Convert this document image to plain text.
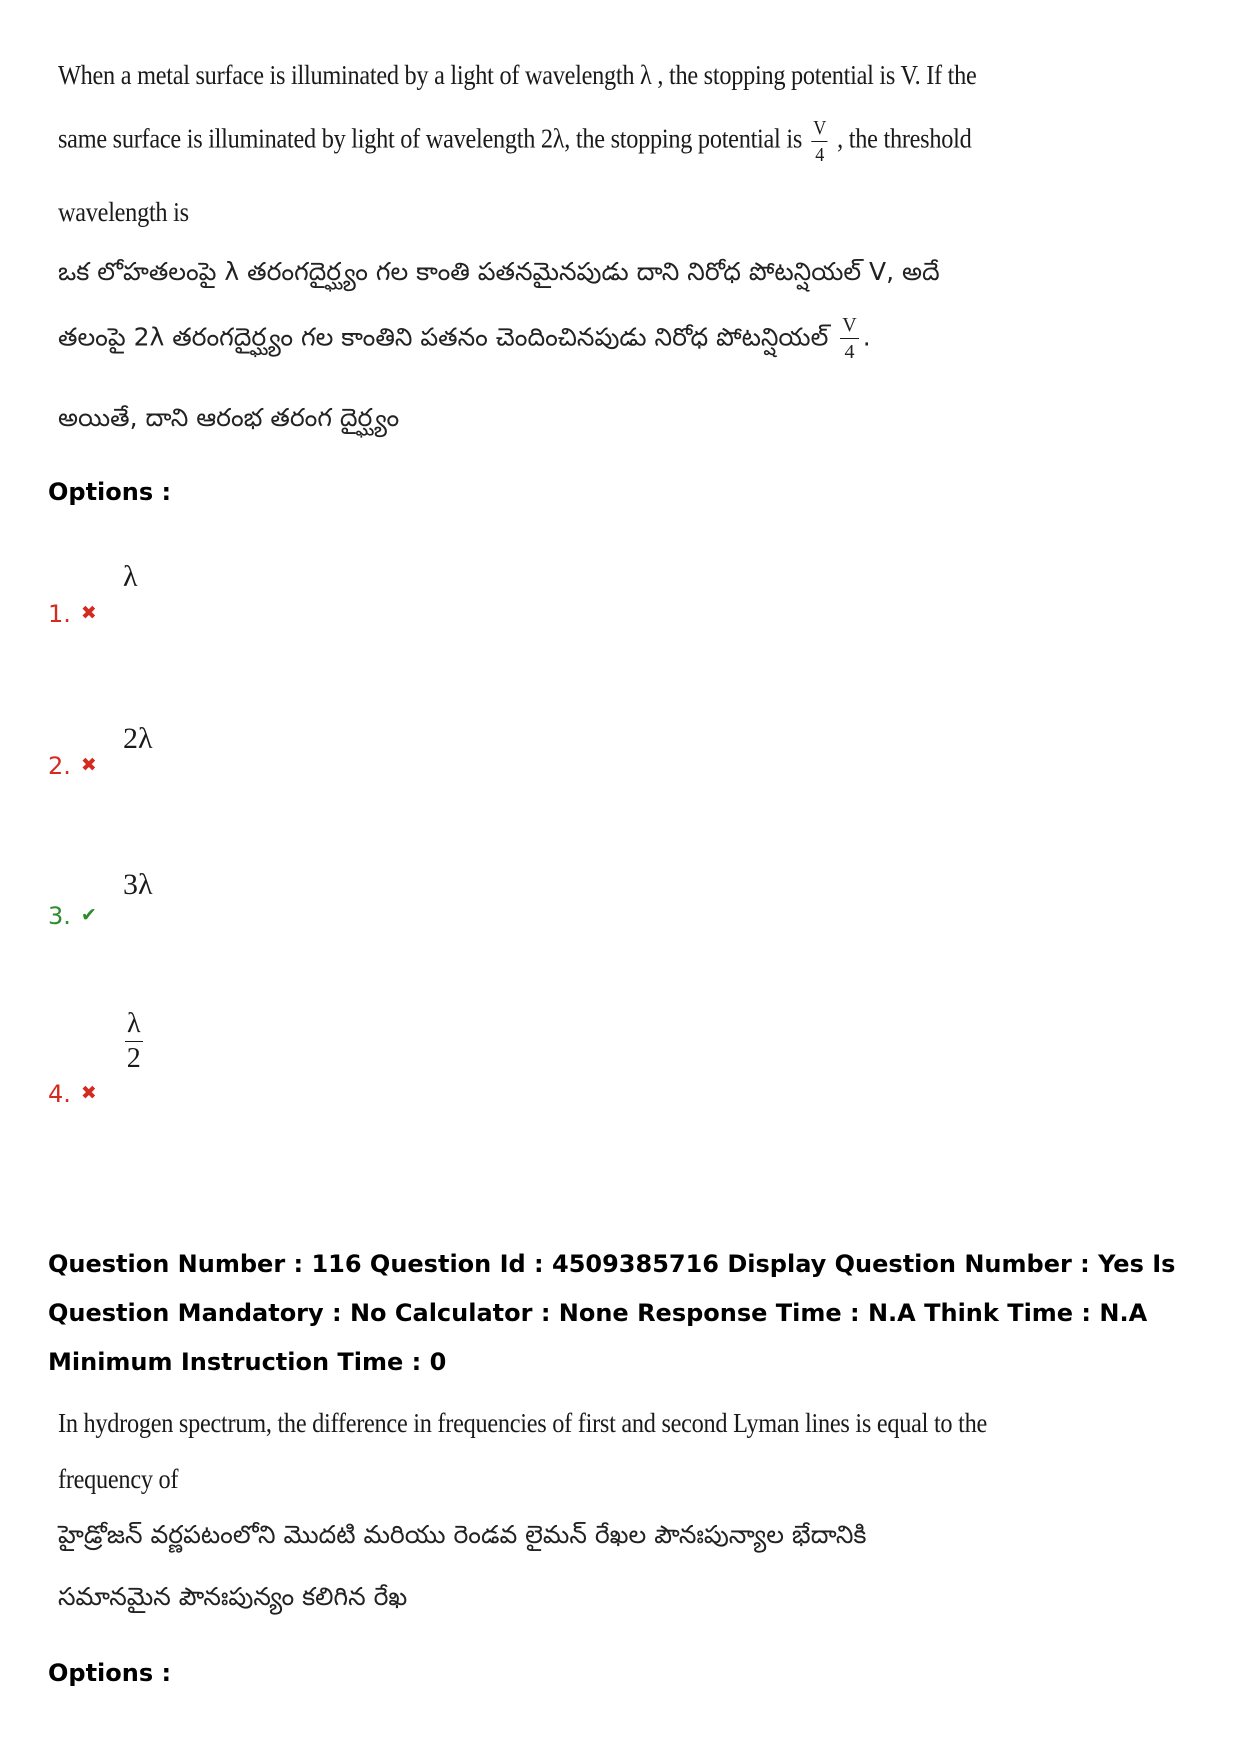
When a metal surface is illuminated by a light of wavelength λ , the stopping potential is V. If the
same surface is illuminated by light of wavelength 2λ, the stopping potential is $\frac{V}{4}$ , the threshold
wavelength is
ఒక లోహతలంపై λ తరంగదైర్ఘ్యం గల కాంతి పతనమైనపుడు దాని నిరోధ పోటన్షియల్ V, అదే
తలంపై 2λ తరంగదైర్ఘ్యం గల కాంతిని పతనం చెందించినపుడు నిరోధ పోటన్షియల్ $\frac{V}{4}$ .
అయితే, దాని ఆరంభ తరంగ దైర్ఘ్యం
Options :
λ
1. ✖
2λ
2. ✖
3λ
3. ✔
$\frac{\lambda}{2}$
4. ✖
Question Number : 116 Question Id : 4509385716 Display Question Number : Yes Is Question Mandatory : No Calculator : None Response Time : N.A Think Time : N.A Minimum Instruction Time : 0
In hydrogen spectrum, the difference in frequencies of first and second Lyman lines is equal to the
frequency of
హైడ్రోజన్ వర్ణపటంలోని మొదటి మరియు రెండవ లైమన్ రేఖల పౌనఃపున్యాల భేదానికి
సమానమైన పౌనఃపున్యం కలిగిన రేఖ
Options :
